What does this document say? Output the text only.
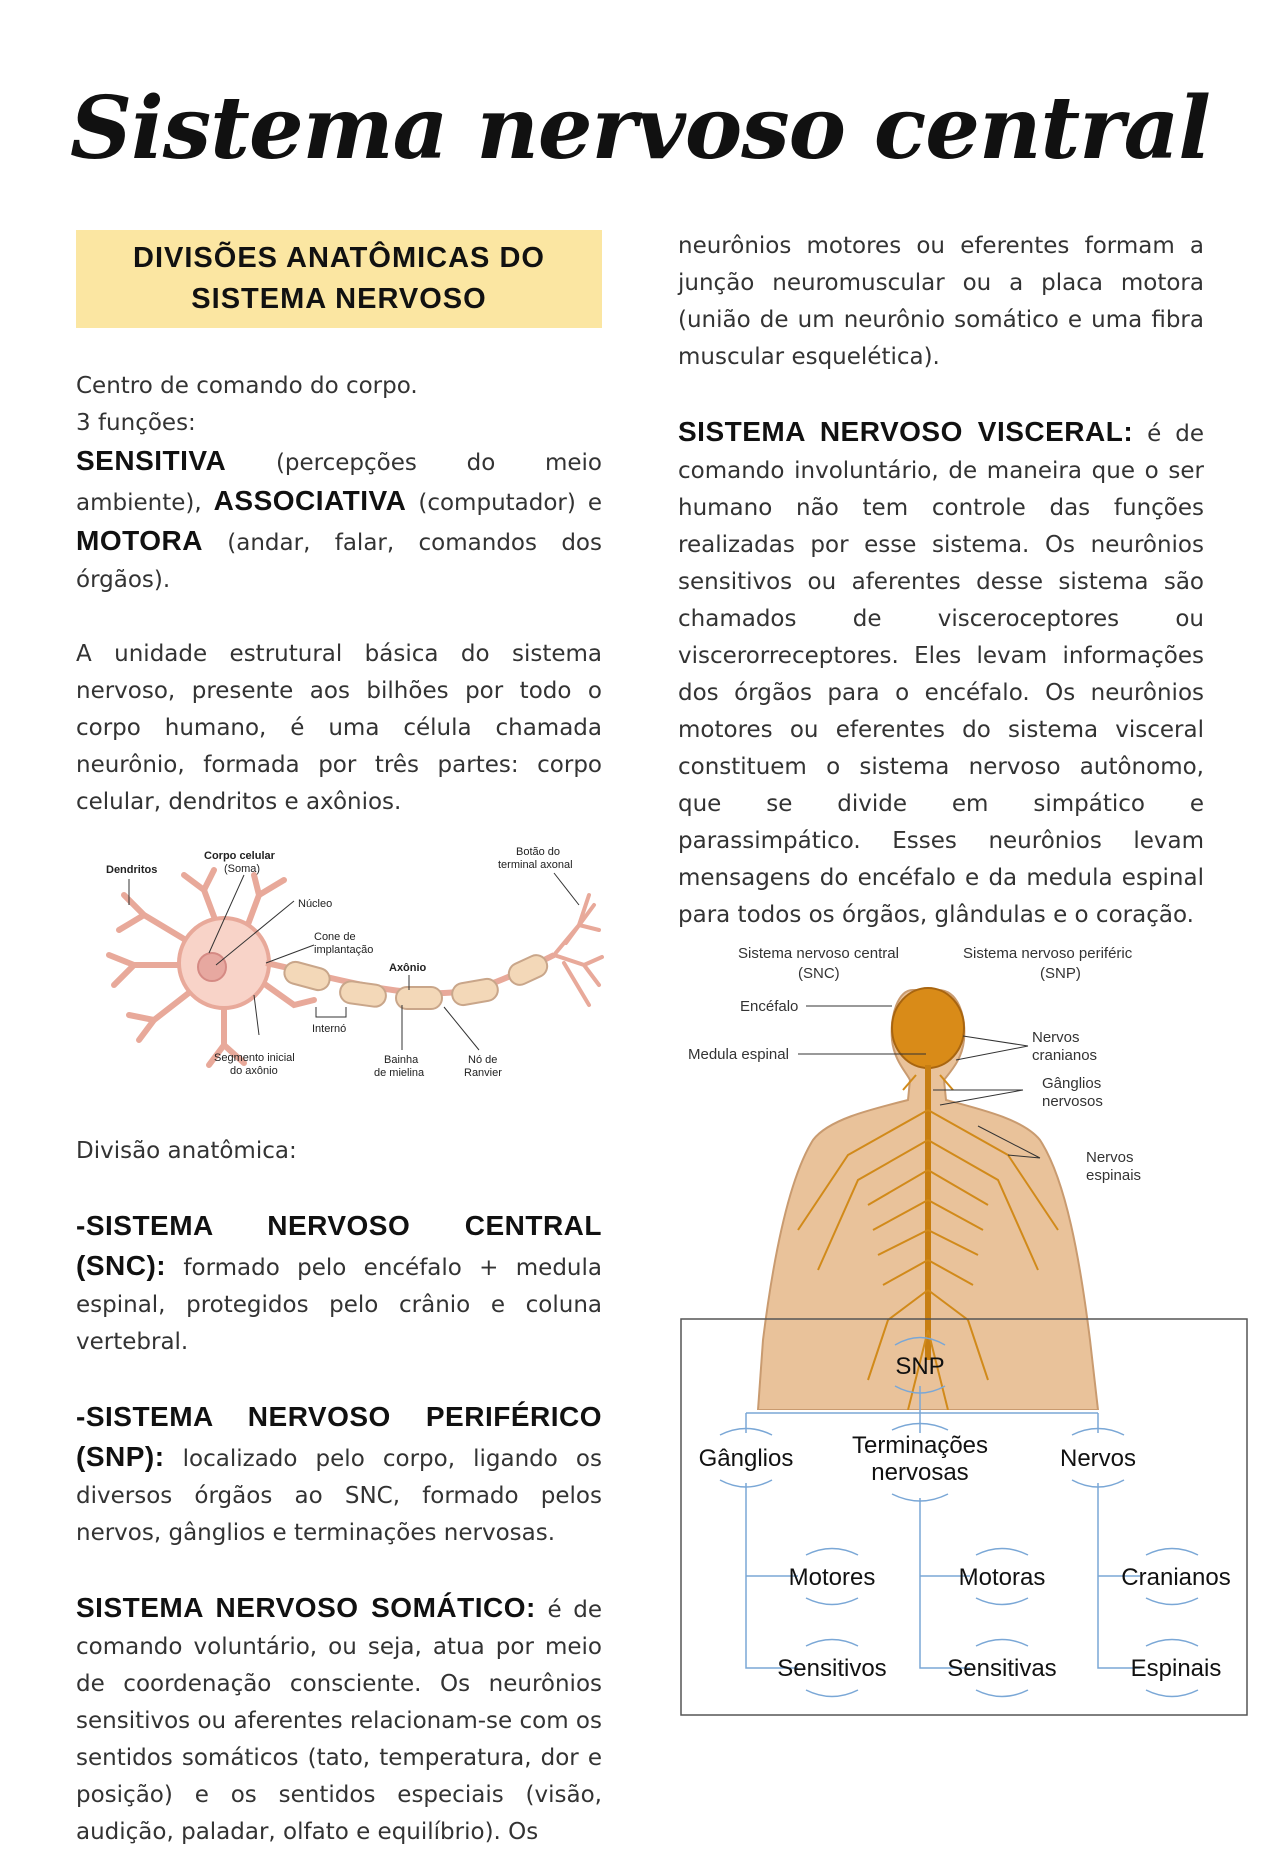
Sistema nervoso central
DIVISÕES ANATÔMICAS DO SISTEMA NERVOSO

Centro de comando do corpo.

3 funções:

SENSITIVA (percepções do meio ambiente), ASSOCIATIVA (computador) e MOTORA (andar, falar, comandos dos órgãos).

A unidade estrutural básica do sistema nervoso, presente aos bilhões por todo o corpo humano, é uma célula chamada neurônio, formada por três partes: corpo celular, dendritos e axônios.

Dendritos
Corpo celular
(Soma)
Núcleo
Cone de
implantação
Axônio
Botão do
terminal axonal
Internó
Segmento inicial
do axônio
Bainha
de mielina
Nó de
Ranvier

Divisão anatômica:

-SISTEMA NERVOSO CENTRAL (SNC): formado pelo encéfalo + medula espinal, protegidos pelo crânio e coluna vertebral.

-SISTEMA NERVOSO PERIFÉRICO (SNP): localizado pelo corpo, ligando os diversos órgãos ao SNC, formado pelos nervos, gânglios e terminações nervosas.

SISTEMA NERVOSO SOMÁTICO: é de comando voluntário, ou seja, atua por meio de coordenação consciente. Os neurônios sensitivos ou aferentes relacionam-se com os sentidos somáticos (tato, temperatura, dor e posição) e os sentidos especiais (visão, audição, paladar, olfato e equilíbrio). Os

neurônios motores ou eferentes formam a junção neuromuscular ou a placa motora (união de um neurônio somático e uma fibra muscular esquelética).

SISTEMA NERVOSO VISCERAL: é de comando involuntário, de maneira que o ser humano não tem controle das funções realizadas por esse sistema. Os neurônios sensitivos ou aferentes desse sistema são chamados de visceroceptores ou viscerorreceptores. Eles levam informações dos órgãos para o encéfalo. Os neurônios motores ou eferentes do sistema visceral constituem o sistema nervoso autônomo, que se divide em simpático e parassimpático. Esses neurônios levam mensagens do encéfalo e da medula espinal para todos os órgãos, glândulas e o coração.

Sistema nervoso central
(SNC)
Sistema nervoso periféric
(SNP)
Encéfalo
Medula espinal
Nervos
cranianos
Gânglios
nervosos
Nervos
espinais
SNP
Gânglios Terminações
nervosas
Nervos
Motores
Sensitivos
Motoras
Sensitivas
Cranianos
Espinais
